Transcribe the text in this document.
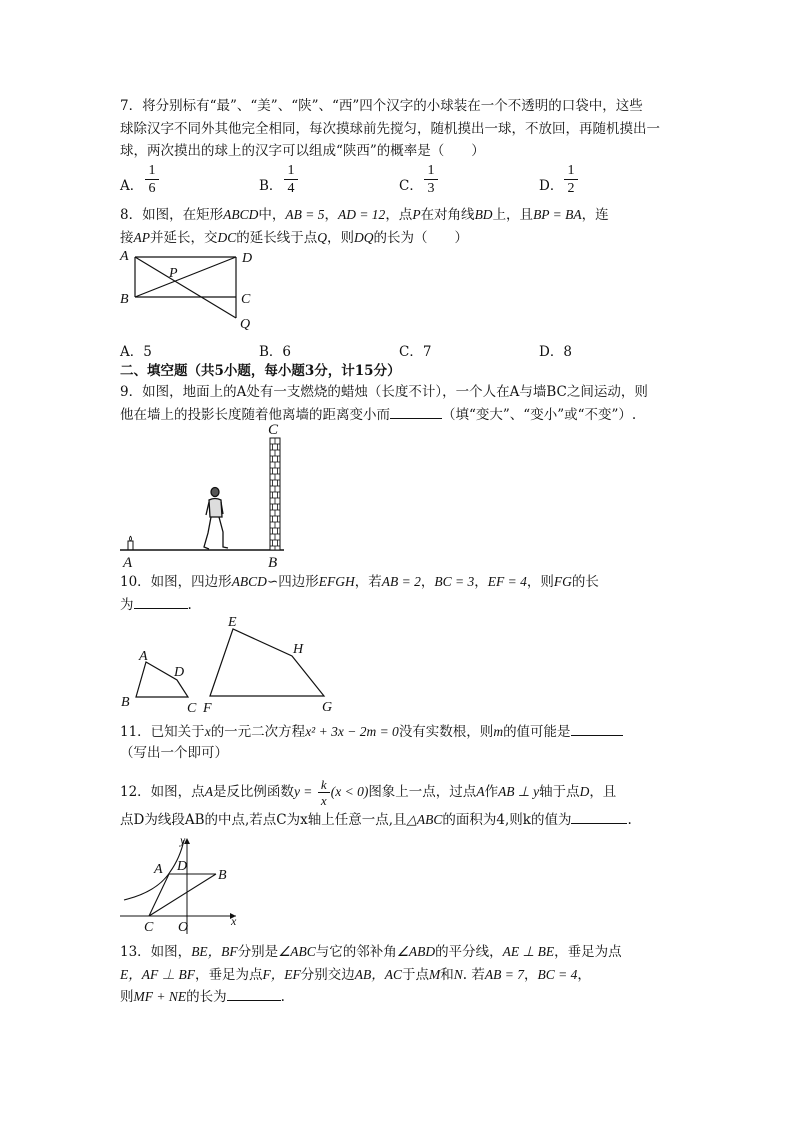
7．将分别标有“最”、“美”、“陕”、“西”四个汉字的小球装在一个不透明的口袋中，这些
球除汉字不同外其他完全相同，每次摸球前先搅匀，随机摸出一球，不放回，再随机摸出一
球，两次摸出的球上的汉字可以组成“陕西”的概率是（　　）
A． $\frac{1}{6}$	B． $\frac{1}{4}$	C． $\frac{1}{3}$	D． $\frac{1}{2}$
8．如图，在矩形ABCD中，AB = 5，AD = 12，点P在对角线BD上，且BP = BA，连
接AP并延长，交DC的延长线于点Q，则DQ的长为（　　）
A	D
P
B	C
Q
A．5	B．6	C．7	D．8
二、填空题（共5小题，每小题3分，计15分）
9．如图，地面上的A处有一支燃烧的蜡烛（长度不计），一个人在A与墙BC之间运动，则
他在墙上的投影长度随着他离墙的距离变小而	（填“变大”、“变小”或“不变”）.
C
A	B
10．如图，四边形ABCD∽四边形EFGH，若AB = 2，BC = 3，EF = 4，则FG的长
为	.
A
D
B	C
E
H
F	G
11．已知关于x的一元二次方程x² + 3x − 2m = 0没有实数根，则m的值可能是
（写出一个即可）
12．如图，点A是反比例函数$y = \frac{k}{x} (x < 0)$图象上一点，过点A作AB ⊥ y轴于点D，且
点D为线段AB的中点,若点C为x轴上任意一点,且△ABC的面积为4,则k的值为	.
y
x
A D
B
C O
13．如图，BE，BF分别是∠ABC与它的邻补角∠ABD的平分线，AE ⊥ BE，垂足为点
E，AF ⊥ BF，垂足为点F，EF分别交边AB，AC于点M和N. 若AB = 7，BC = 4，
则MF + NE的长为	.
